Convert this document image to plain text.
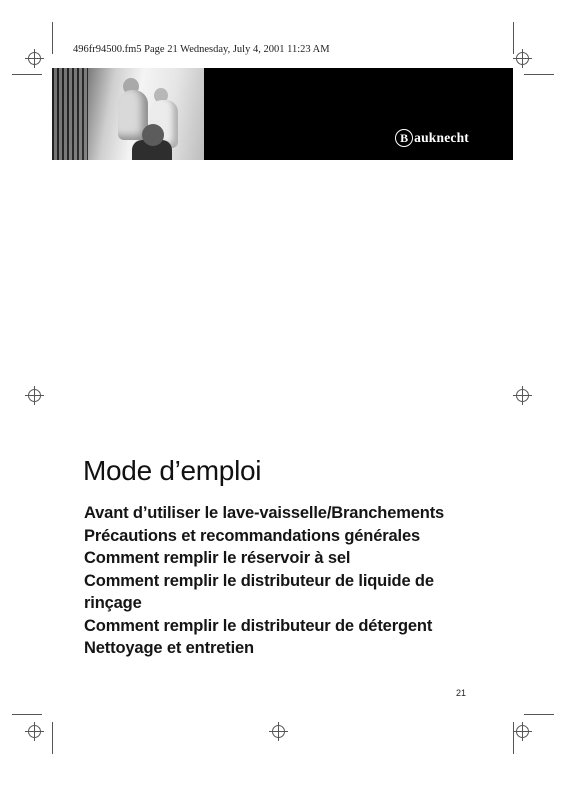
496fr94500.fm5 Page 21 Wednesday, July 4, 2001 11:23 AM
B auknecht
Mode d’emploi
Avant d’utiliser le lave-vaisselle/Branchements
Précautions et recommandations générales
Comment remplir le réservoir à sel
Comment remplir le distributeur de liquide de rinçage
Comment remplir le distributeur de détergent
Nettoyage et entretien
21
